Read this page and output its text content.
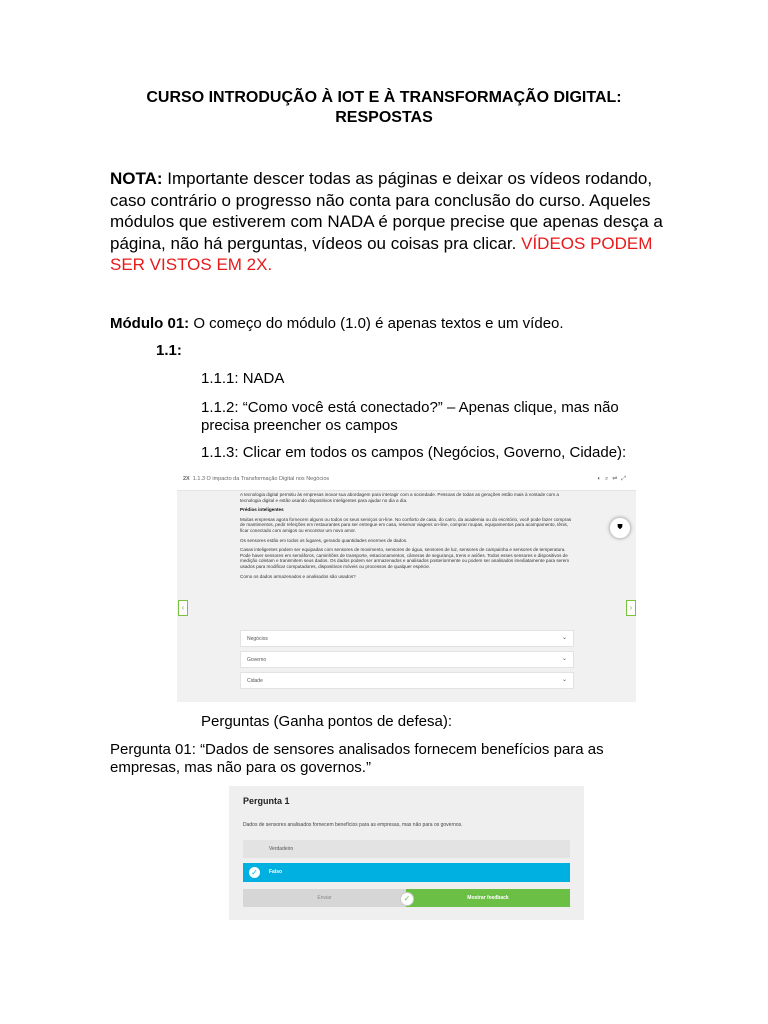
CURSO INTRODUÇÃO À IOT E À TRANSFORMAÇÃO DIGITAL:
RESPOSTAS
NOTA: Importante descer todas as páginas e deixar os vídeos rodando, caso contrário o progresso não conta para conclusão do curso. Aqueles módulos que estiverem com NADA é porque precise que apenas desça a página, não há perguntas, vídeos ou coisas pra clicar. VÍDEOS PODEM SER VISTOS EM 2X.
Módulo 01: O começo do módulo (1.0) é apenas textos e um vídeo.
1.1:
1.1.1: NADA
1.1.2: “Como você está conectado?” – Apenas clique, mas não
precisa preencher os campos
1.1.3: Clicar em todos os campos (Negócios, Governo, Cidade):
2X 1.1.3 O impacto da Transformação Digital nos Negócios	◐⌕⇄⤢
‹	›
⛊

A tecnologia digital permitiu às empresas inovar sua abordagem para interagir com a sociedade. Pessoas de todas as gerações estão mais à vontade com a tecnologia digital e estão usando dispositivos inteligentes para ajudar no dia a dia.

Prédios inteligentes

Muitas empresas agora fornecem alguns ou todos os seus serviços on-line. No conforto de casa, do carro, da academia ou do escritório, você pode fazer compras de mantimentos, pedir refeições em restaurantes para ser entregue em casa, reservar viagens on-line, comprar roupas, equipamentos para acampamento, tênis, ficar conectado com amigos ou encontrar um novo amor.

Os sensores estão em todos os lugares, gerando quantidades enormes de dados.

Casas inteligentes podem ser equipadas com sensores de movimento, sensores de água, sensores de luz, sensores de campainha e sensores de temperatura. Pode haver sensores em semáforos, caminhões de transporte, estacionamentos, câmeras de segurança, trens e aviões. Todos esses sensores e dispositivos de medição coletam e transmitem seus dados. Os dados podem ser armazenados e analisados posteriormente ou podem ser analisados imediatamente para serem usados para modificar computadores, dispositivos móveis ou processos de qualquer espécie.

Como os dados armazenados e analisados são usados?

Negócios	⌄
Governo	⌄
Cidade	⌄
Perguntas (Ganha pontos de defesa):
Pergunta 01: “Dados de sensores analisados fornecem benefícios para as
empresas, mas não para os governos.”
Pergunta 1
Dados de sensores analisados fornecem benefícios para as empresas, mas não para os governos.
Verdadeiro
✓	Falso
Enviar	Mostrar feedback
✓
